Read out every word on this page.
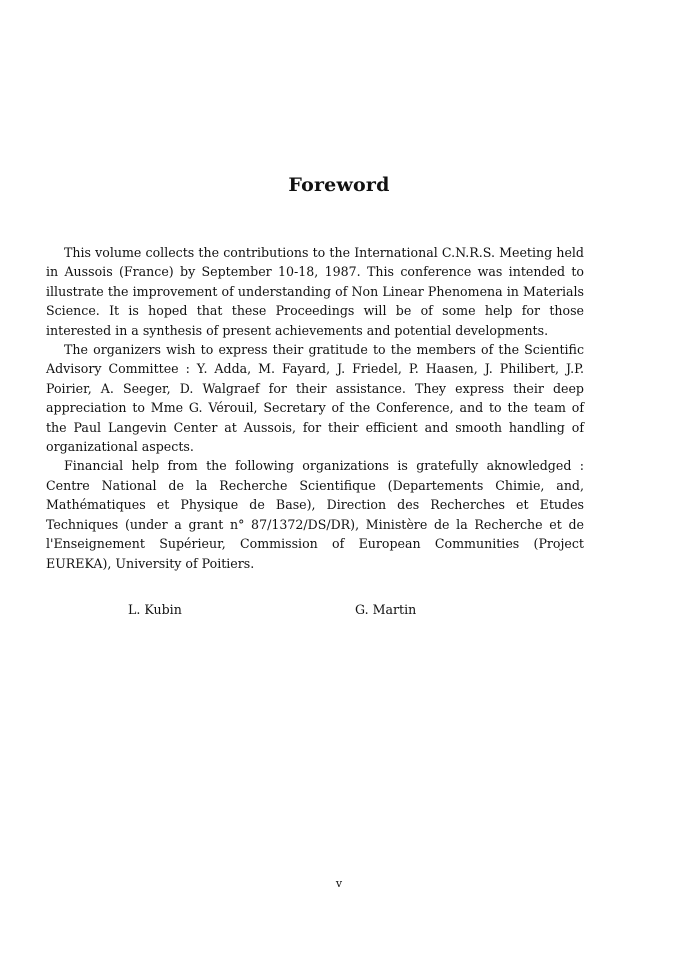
Foreword

This volume collects the contributions to the International C.N.R.S. Meeting held in Aussois (France) by September 10-18, 1987. This conference was intended to illustrate the improvement of understanding of Non Linear Phenomena in Materials Science. It is hoped that these Proceedings will be of some help for those interested in a synthesis of present achievements and potential developments.

The organizers wish to express their gratitude to the members of the Scientific Advisory Committee : Y. Adda, M. Fayard, J. Friedel, P. Haasen, J. Philibert, J.P. Poirier, A. Seeger, D. Walgraef for their assistance. They express their deep appreciation to Mme G. Vérouil, Secretary of the Conference, and to the team of the Paul Langevin Center at Aussois, for their efficient and smooth handling of organizational aspects.

Financial help from the following organizations is gratefully aknowledged : Centre National de la Recherche Scientifique (Departements Chimie, and, Mathématiques et Physique de Base), Direction des Recherches et Etudes Techniques (under a grant n° 87/1372/DS/DR), Ministère de la Recherche et de l'Enseignement Supérieur, Commission of European Communities (Project EUREKA), University of Poitiers.

L. Kubin	G. Martin
v
